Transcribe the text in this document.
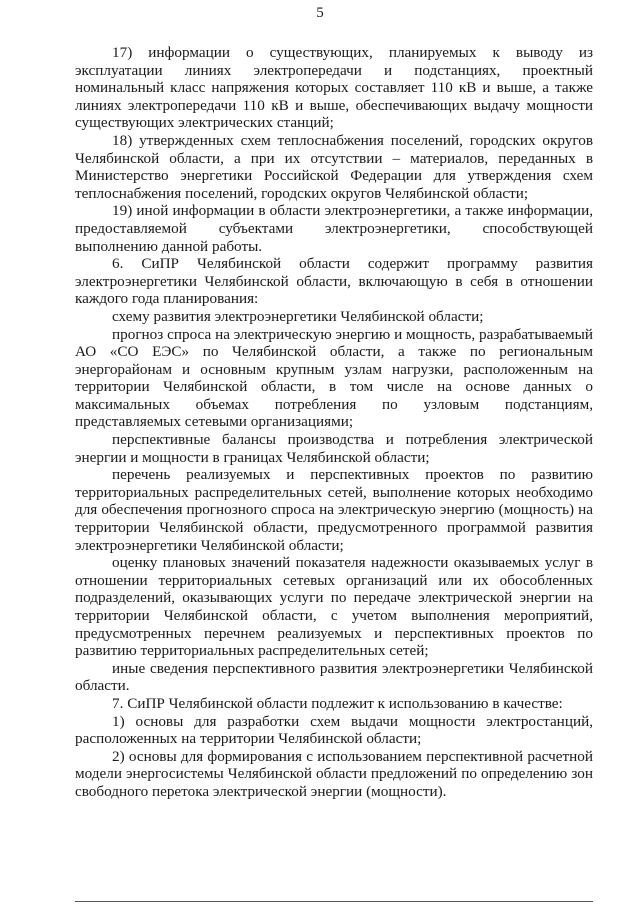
5

17) информации о существующих, планируемых к выводу из эксплуатации линиях электропередачи и подстанциях, проектный номинальный класс напряжения которых составляет 110 кВ и выше, а также линиях электропередачи 110 кВ и выше, обеспечивающих выдачу мощности существующих электрических станций;

18) утвержденных схем теплоснабжения поселений, городских округов Челябинской области, а при их отсутствии – материалов, переданных в Министерство энергетики Российской Федерации для утверждения схем теплоснабжения поселений, городских округов Челябинской области;

19) иной информации в области электроэнергетики, а также информации, предоставляемой субъектами электроэнергетики, способствующей выполнению данной работы.

6. СиПР Челябинской области содержит программу развития электроэнергетики Челябинской области, включающую в себя в отношении каждого года планирования:

схему развития электроэнергетики Челябинской области;

прогноз спроса на электрическую энергию и мощность, разрабатываемый АО «СО ЕЭС» по Челябинской области, а также по региональным энергорайонам и основным крупным узлам нагрузки, расположенным на территории Челябинской области, в том числе на основе данных о максимальных объемах потребления по узловым подстанциям, представляемых сетевыми организациями;

перспективные балансы производства и потребления электрической энергии и мощности в границах Челябинской области;

перечень реализуемых и перспективных проектов по развитию территориальных распределительных сетей, выполнение которых необходимо для обеспечения прогнозного спроса на электрическую энергию (мощность) на территории Челябинской области, предусмотренного программой развития электроэнергетики Челябинской области;

оценку плановых значений показателя надежности оказываемых услуг в отношении территориальных сетевых организаций или их обособленных подразделений, оказывающих услуги по передаче электрической энергии на территории Челябинской области, с учетом выполнения мероприятий, предусмотренных перечнем реализуемых и перспективных проектов по развитию территориальных распределительных сетей;

иные сведения перспективного развития электроэнергетики Челябинской области.

7. СиПР Челябинской области подлежит к использованию в качестве:

1) основы для разработки схем выдачи мощности электростанций, расположенных на территории Челябинской области;

2) основы для формирования с использованием перспективной расчетной модели энергосистемы Челябинской области предложений по определению зон свободного перетока электрической энергии (мощности).
